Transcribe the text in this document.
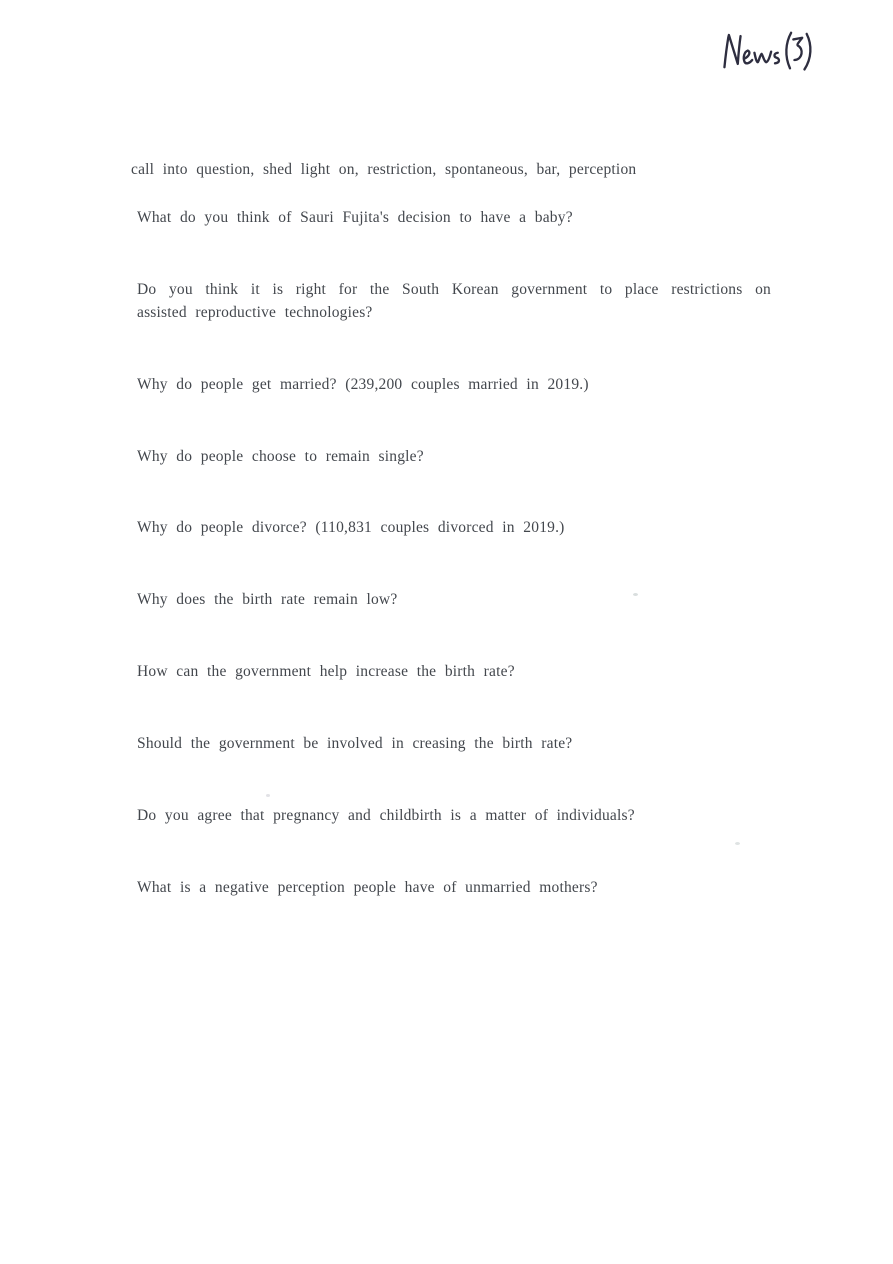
call into question, shed light on, restriction, spontaneous, bar, perception

What do you think of Sauri Fujita's decision to have a baby?

Do you think it is right for the South Korean government to place restrictions on assisted reproductive technologies?

Why do people get married? (239,200 couples married in 2019.)

Why do people choose to remain single?

Why do people divorce? (110,831 couples divorced in 2019.)

Why does the birth rate remain low?

How can the government help increase the birth rate?

Should the government be involved in creasing the birth rate?

Do you agree that pregnancy and childbirth is a matter of individuals?

What is a negative perception people have of unmarried mothers?
